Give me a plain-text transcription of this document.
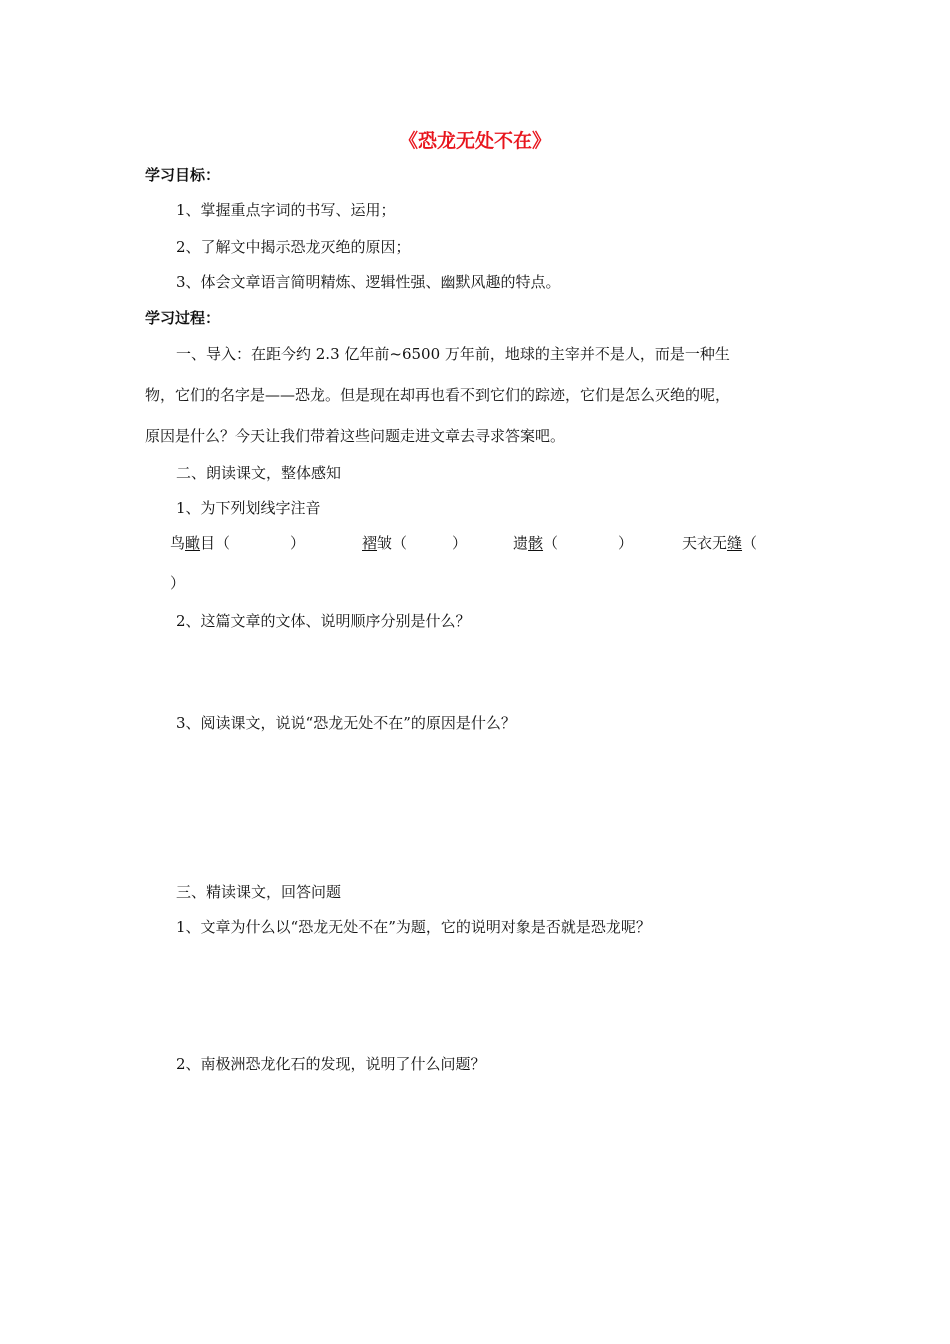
《恐龙无处不在》
学习目标：
1、掌握重点字词的书写、运用；
2、了解文中揭示恐龙灭绝的原因；
3、体会文章语言简明精炼、逻辑性强、幽默风趣的特点。
学习过程：
一、导入：在距今约 2.3 亿年前~6500 万年前，地球的主宰并不是人，而是一种生
物，它们的名字是——恐龙。但是现在却再也看不到它们的踪迹，它们是怎么灭绝的呢，
原因是什么？今天让我们带着这些问题走进文章去寻求答案吧。
二、朗读课文，整体感知
1、为下列划线字注音
鸟瞰目（　　　　）	褶皱（　　　）	遗骸（　　　　）	天衣无缝（
）
2、这篇文章的文体、说明顺序分别是什么？
3、阅读课文，说说“恐龙无处不在”的原因是什么？
三、精读课文，回答问题
1、文章为什么以“恐龙无处不在”为题，它的说明对象是否就是恐龙呢？
2、南极洲恐龙化石的发现，说明了什么问题？
